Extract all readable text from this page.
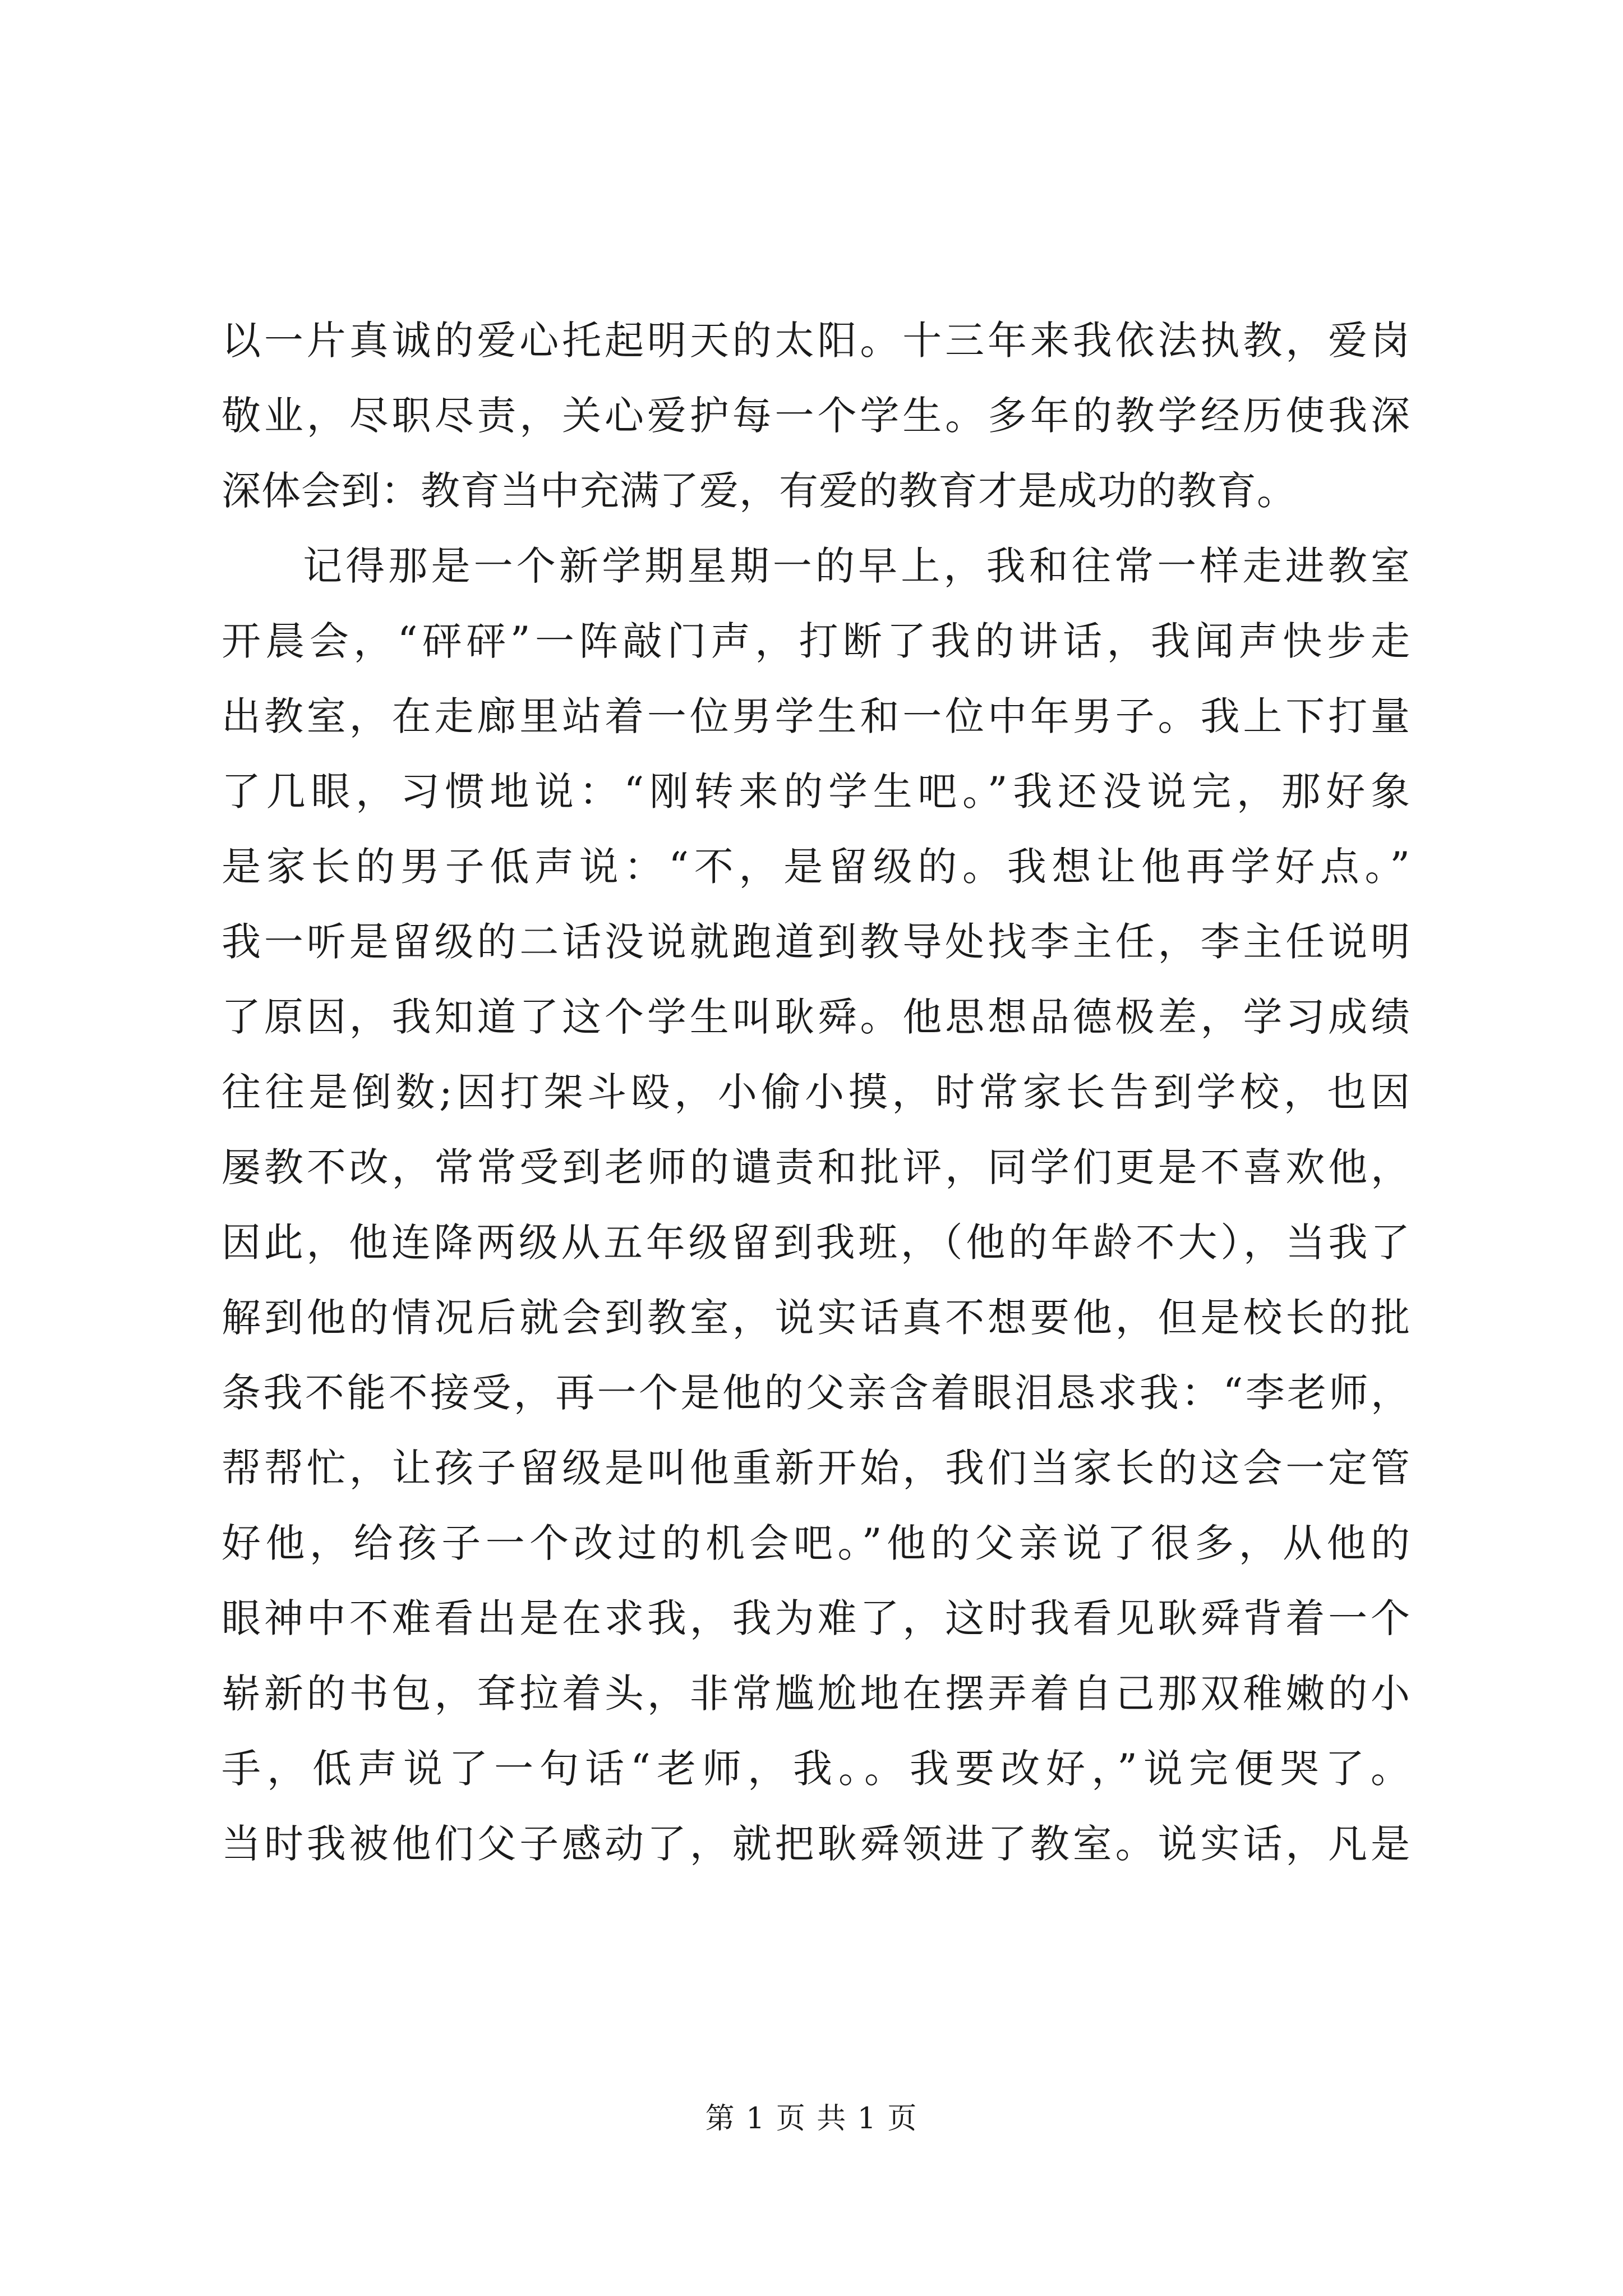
以一片真诚的爱心托起明天的太阳。十三年来我依法执教，爱岗
敬业，尽职尽责，关心爱护每一个学生。多年的教学经历使我深
深体会到：教育当中充满了爱，有爱的教育才是成功的教育。
记得那是一个新学期星期一的早上，我和往常一样走进教室
开晨会，“砰砰”一阵敲门声，打断了我的讲话，我闻声快步走
出教室，在走廊里站着一位男学生和一位中年男子。我上下打量
了几眼，习惯地说：“刚转来的学生吧。”我还没说完，那好象
是家长的男子低声说：“不，是留级的。我想让他再学好点。”
我一听是留级的二话没说就跑道到教导处找李主任，李主任说明
了原因，我知道了这个学生叫耿舜。他思想品德极差，学习成绩
往往是倒数;因打架斗殴，小偷小摸，时常家长告到学校，也因
屡教不改，常常受到老师的谴责和批评，同学们更是不喜欢他，
因此，他连降两级从五年级留到我班，（他的年龄不大），当我了
解到他的情况后就会到教室，说实话真不想要他，但是校长的批
条我不能不接受，再一个是他的父亲含着眼泪恳求我：“李老师，
帮帮忙，让孩子留级是叫他重新开始，我们当家长的这会一定管
好他，给孩子一个改过的机会吧。”他的父亲说了很多，从他的
眼神中不难看出是在求我，我为难了，这时我看见耿舜背着一个
崭新的书包，耷拉着头，非常尴尬地在摆弄着自己那双稚嫩的小
手，低声说了一句话“老师，我。。我要改好，”说完便哭了。
当时我被他们父子感动了，就把耿舜领进了教室。说实话，凡是
第 1 页 共 1 页
